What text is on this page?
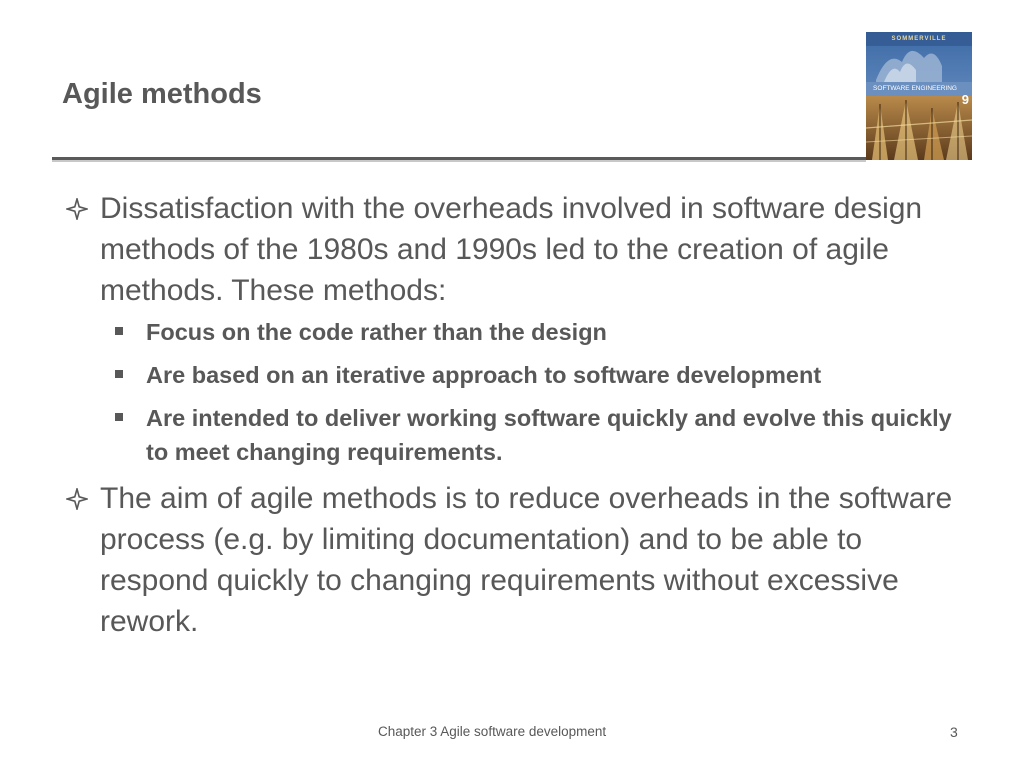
Agile methods
SOMMERVILLE
SOFTWARE ENGINEERING
9

Dissatisfaction with the overheads involved in software design methods of the 1980s and 1990s led to the creation of agile methods. These methods:

Focus on the code rather than the design
Are based on an iterative approach to software development
Are intended to deliver working software quickly and evolve this quickly to meet changing requirements.

The aim of agile methods is to reduce overheads in the software process (e.g. by limiting documentation) and to be able to respond quickly to changing requirements without excessive rework.

Chapter 3 Agile software development	3
